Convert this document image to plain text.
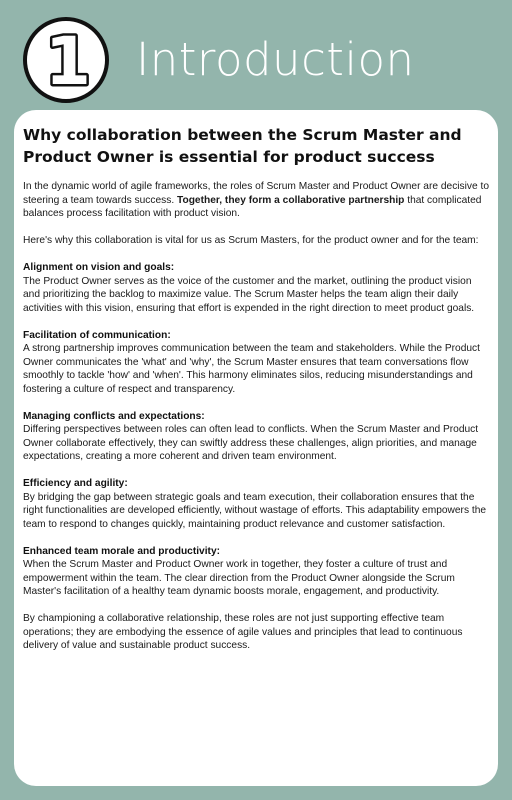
1 Introduction
Why collaboration between the Scrum Master and Product Owner is essential for product success

In the dynamic world of agile frameworks, the roles of Scrum Master and Product Owner are decisive to steering a team towards success. Together, they form a collaborative partnership that complicated balances process facilitation with product vision.

Here's why this collaboration is vital for us as Scrum Masters, for the product owner and for the team:

Alignment on vision and goals:

The Product Owner serves as the voice of the customer and the market, outlining the product vision and prioritizing the backlog to maximize value. The Scrum Master helps the team align their daily activities with this vision, ensuring that effort is expended in the right direction to meet product goals.

Facilitation of communication:

A strong partnership improves communication between the team and stakeholders. While the Product Owner communicates the 'what' and 'why', the Scrum Master ensures that team conversations flow smoothly to tackle 'how' and 'when'. This harmony eliminates silos, reducing misunderstandings and fostering a culture of respect and transparency.

Managing conflicts and expectations:

Differing perspectives between roles can often lead to conflicts. When the Scrum Master and Product Owner collaborate effectively, they can swiftly address these challenges, align priorities, and manage expectations, creating a more coherent and driven team environment.

Efficiency and agility:

By bridging the gap between strategic goals and team execution, their collaboration ensures that the right functionalities are developed efficiently, without wastage of efforts. This adaptability empowers the team to respond to changes quickly, maintaining product relevance and customer satisfaction.

Enhanced team morale and productivity:

When the Scrum Master and Product Owner work in together, they foster a culture of trust and empowerment within the team. The clear direction from the Product Owner alongside the Scrum Master's facilitation of a healthy team dynamic boosts morale, engagement, and productivity.

By championing a collaborative relationship, these roles are not just supporting effective team operations; they are embodying the essence of agile values and principles that lead to continuous delivery of value and sustainable product success.
